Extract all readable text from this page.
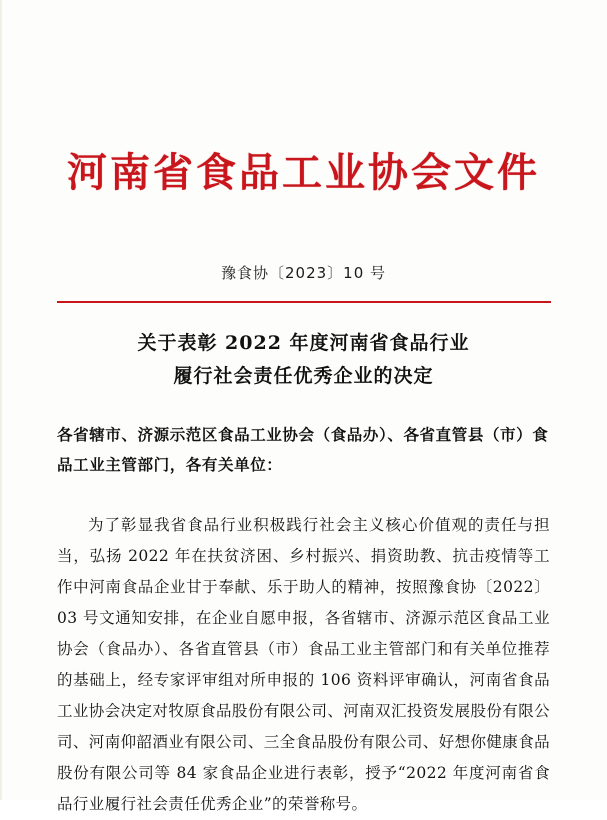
河南省食品工业协会文件
豫食协〔2023〕10 号
关于表彰 2022 年度河南省食品行业
履行社会责任优秀企业的决定
各省辖市、济源示范区食品工业协会（食品办）、各省直管县（市）食品工业主管部门，各有关单位：

为了彰显我省食品行业积极践行社会主义核心价值观的责任与担当，弘扬 2022 年在扶贫济困、乡村振兴、捐资助教、抗击疫情等工作中河南食品企业甘于奉献、乐于助人的精神，按照豫食协〔2022〕03 号文通知安排，在企业自愿申报，各省辖市、济源示范区食品工业协会（食品办）、各省直管县（市）食品工业主管部门和有关单位推荐的基础上，经专家评审组对所申报的 106 资料评审确认，河南省食品工业协会决定对牧原食品股份有限公司、河南双汇投资发展股份有限公司、河南仰韶酒业有限公司、三全食品股份有限公司、好想你健康食品股份有限公司等 84 家食品企业进行表彰，授予“2022 年度河南省食品行业履行社会责任优秀企业”的荣誉称号。
